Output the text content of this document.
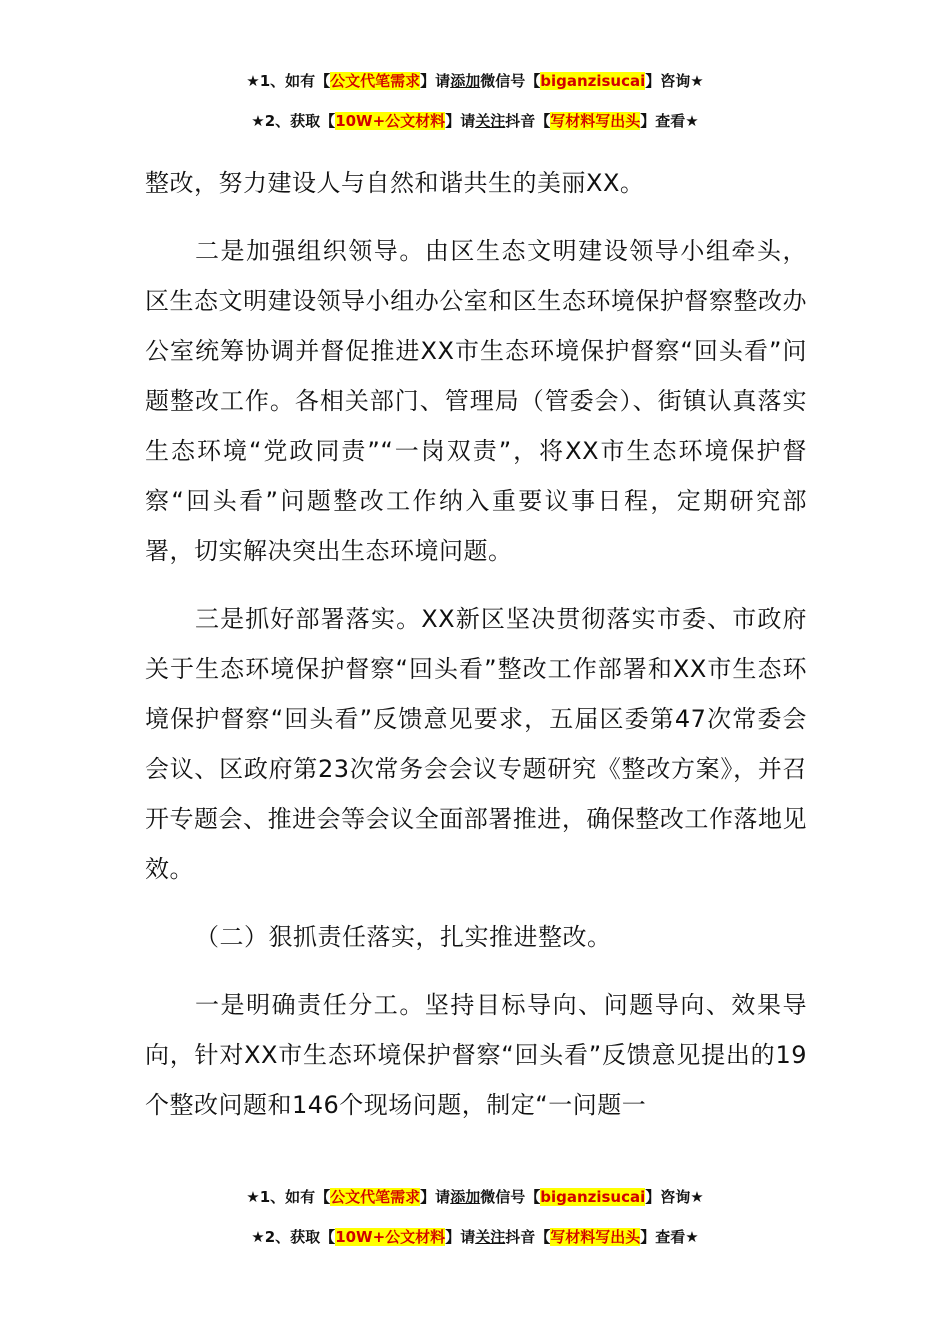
★1、如有【公文代笔需求】请添加微信号【biganzisucai】咨询★
★2、获取【10W+公文材料】请关注抖音【写材料写出头】查看★

整改，努力建设人与自然和谐共生的美丽XX。

二是加强组织领导。由区生态文明建设领导小组牵头，区生态文明建设领导小组办公室和区生态环境保护督察整改办公室统筹协调并督促推进XX市生态环境保护督察“回头看”问题整改工作。各相关部门、管理局（管委会）、街镇认真落实生态环境“党政同责”“一岗双责”，将XX市生态环境保护督察“回头看”问题整改工作纳入重要议事日程，定期研究部署，切实解决突出生态环境问题。

三是抓好部署落实。XX新区坚决贯彻落实市委、市政府关于生态环境保护督察“回头看”整改工作部署和XX市生态环境保护督察“回头看”反馈意见要求，五届区委第47次常委会会议、区政府第23次常务会会议专题研究《整改方案》，并召开专题会、推进会等会议全面部署推进，确保整改工作落地见效。

（二）狠抓责任落实，扎实推进整改。

一是明确责任分工。坚持目标导向、问题导向、效果导向，针对XX市生态环境保护督察“回头看”反馈意见提出的19个整改问题和146个现场问题，制定“一问题一

★1、如有【公文代笔需求】请添加微信号【biganzisucai】咨询★
★2、获取【10W+公文材料】请关注抖音【写材料写出头】查看★
